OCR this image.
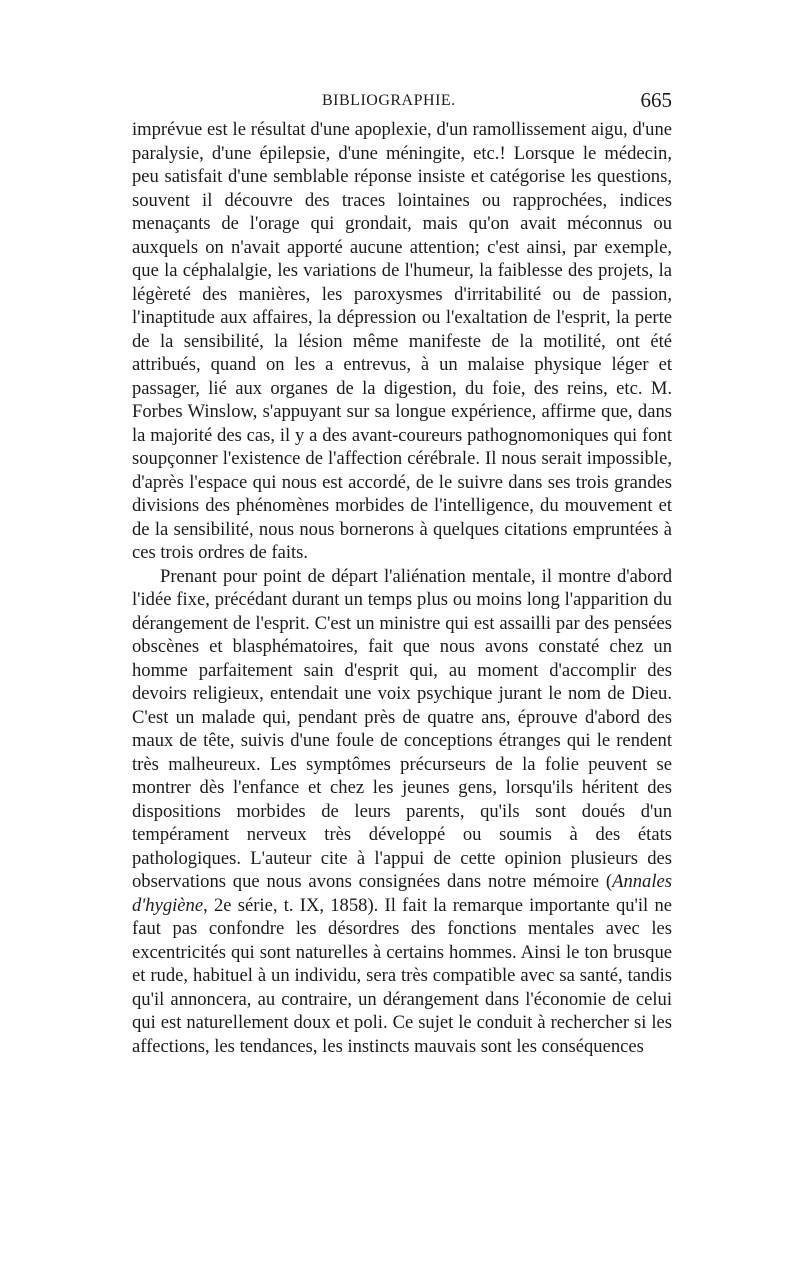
BIBLIOGRAPHIE.	665

imprévue est le résultat d'une apoplexie, d'un ramollissement aigu, d'une paralysie, d'une épilepsie, d'une méningite, etc.! Lorsque le médecin, peu satisfait d'une semblable réponse insiste et catégorise les questions, souvent il découvre des traces lointaines ou rapprochées, indices menaçants de l'orage qui grondait, mais qu'on avait méconnus ou auxquels on n'avait apporté aucune attention; c'est ainsi, par exemple, que la céphalalgie, les variations de l'humeur, la faiblesse des projets, la légèreté des manières, les paroxysmes d'irritabilité ou de passion, l'inaptitude aux affaires, la dépression ou l'exaltation de l'esprit, la perte de la sensibilité, la lésion même manifeste de la motilité, ont été attribués, quand on les a entrevus, à un malaise physique léger et passager, lié aux organes de la digestion, du foie, des reins, etc. M. Forbes Winslow, s'appuyant sur sa longue expérience, affirme que, dans la majorité des cas, il y a des avant-coureurs pathognomoniques qui font soupçonner l'existence de l'affection cérébrale. Il nous serait impossible, d'après l'espace qui nous est accordé, de le suivre dans ses trois grandes divisions des phénomènes morbides de l'intelligence, du mouvement et de la sensibilité, nous nous bornerons à quelques citations empruntées à ces trois ordres de faits.

Prenant pour point de départ l'aliénation mentale, il montre d'abord l'idée fixe, précédant durant un temps plus ou moins long l'apparition du dérangement de l'esprit. C'est un ministre qui est assailli par des pensées obscènes et blasphématoires, fait que nous avons constaté chez un homme parfaitement sain d'esprit qui, au moment d'accomplir des devoirs religieux, entendait une voix psychique jurant le nom de Dieu. C'est un malade qui, pendant près de quatre ans, éprouve d'abord des maux de tête, suivis d'une foule de conceptions étranges qui le rendent très malheureux. Les symptômes précurseurs de la folie peuvent se montrer dès l'enfance et chez les jeunes gens, lorsqu'ils héritent des dispositions morbides de leurs parents, qu'ils sont doués d'un tempérament nerveux très développé ou soumis à des états pathologiques. L'auteur cite à l'appui de cette opinion plusieurs des observations que nous avons consignées dans notre mémoire (Annales d'hygiène, 2e série, t. IX, 1858). Il fait la remarque importante qu'il ne faut pas confondre les désordres des fonctions mentales avec les excentricités qui sont naturelles à certains hommes. Ainsi le ton brusque et rude, habituel à un individu, sera très compatible avec sa santé, tandis qu'il annoncera, au contraire, un dérangement dans l'économie de celui qui est naturellement doux et poli. Ce sujet le conduit à rechercher si les affections, les tendances, les instincts mauvais sont les conséquences
